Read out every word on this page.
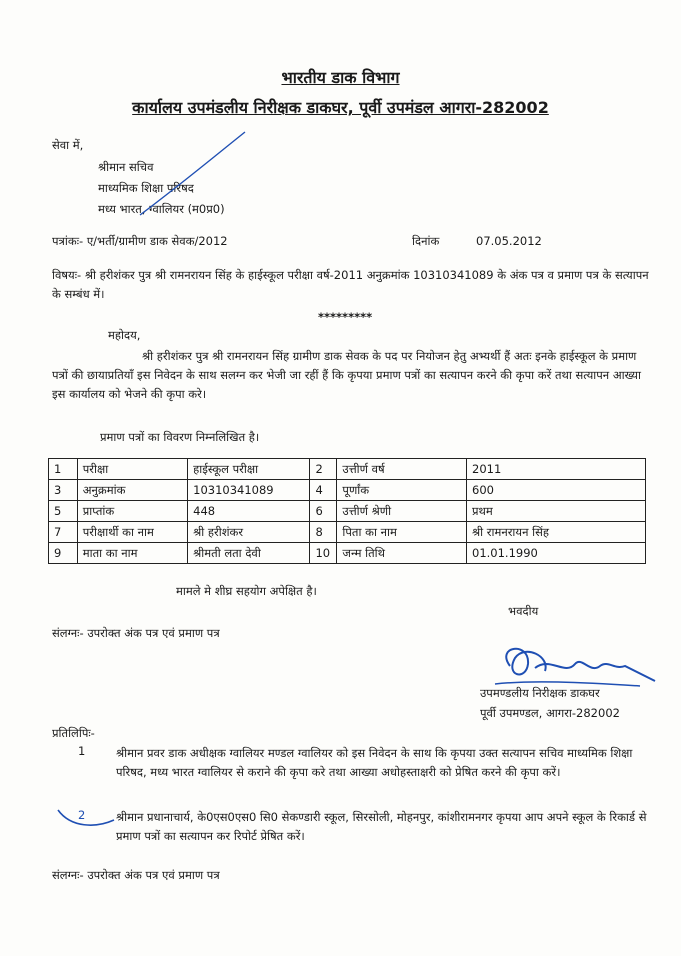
भारतीय डाक विभाग
कार्यालय उपमंडलीय निरीक्षक डाकघर, पूर्वी उपमंडल आगरा-282002
सेवा में,
श्रीमान सचिव
माध्यमिक शिक्षा परिषद
मध्य भारत, ग्वालियर (म0प्र0)
पत्रांकः- ए/भर्ती/ग्रामीण डाक सेवक/2012	दिनांक	07.05.2012
विषयः- श्री हरीशंकर पुत्र श्री रामनरायन सिंह के हाईस्कूल परीक्षा वर्ष-2011 अनुक्रमांक 10310341089 के अंक पत्र व प्रमाण पत्र के सत्यापन के सम्बंध में।
*********
महोदय,
श्री हरीशंकर पुत्र श्री रामनरायन सिंह ग्रामीण डाक सेवक के पद पर नियोजन हेतु अभ्यर्थी हैं अतः इनके हाईस्कूल के प्रमाण पत्रों की छायाप्रतियाँ इस निवेदन के साथ सलग्न कर भेजी जा रहीं हैं कि कृपया प्रमाण पत्रों का सत्यापन करने की कृपा करें तथा सत्यापन आख्या इस कार्यालय को भेजने की कृपा करे।
प्रमाण पत्रों का विवरण निम्नलिखित है।
1	परीक्षा	हाईस्कूल परीक्षा	2	उत्तीर्ण वर्ष	2011
3	अनुक्रमांक	10310341089	4	पूर्णांक	600
5	प्राप्तांक	448	6	उत्तीर्ण श्रेणी	प्रथम
7	परीक्षार्थी का नाम	श्री हरीशंकर	8	पिता का नाम	श्री रामनरायन सिंह
9	माता का नाम	श्रीमती लता देवी	10	जन्म तिथि	01.01.1990
मामले मे शीघ्र सहयोग अपेक्षित है।
भवदीय
संलग्नः- उपरोक्त अंक पत्र एवं प्रमाण पत्र
उपमण्डलीय निरीक्षक डाकघर
पूर्वी उपमण्डल, आगरा-282002
प्रतिलिपिः-
1	श्रीमान प्रवर डाक अधीक्षक ग्वालियर मण्डल ग्वालियर को इस निवेदन के साथ कि कृपया उक्त सत्यापन सचिव माध्यमिक शिक्षा परिषद, मध्य भारत ग्वालियर से कराने की कृपा करे तथा आख्या अधोहस्ताक्षरी को प्रेषित करने की कृपा करें।
2	श्रीमान प्रधानाचार्य, के0एस0एस0 सि0 सेकण्डारी स्कूल, सिरसोली, मोहनपुर, कांशीरामनगर कृपया आप अपने स्कूल के रिकार्ड से प्रमाण पत्रों का सत्यापन कर रिपोर्ट प्रेषित करें।
संलग्नः- उपरोक्त अंक पत्र एवं प्रमाण पत्र
